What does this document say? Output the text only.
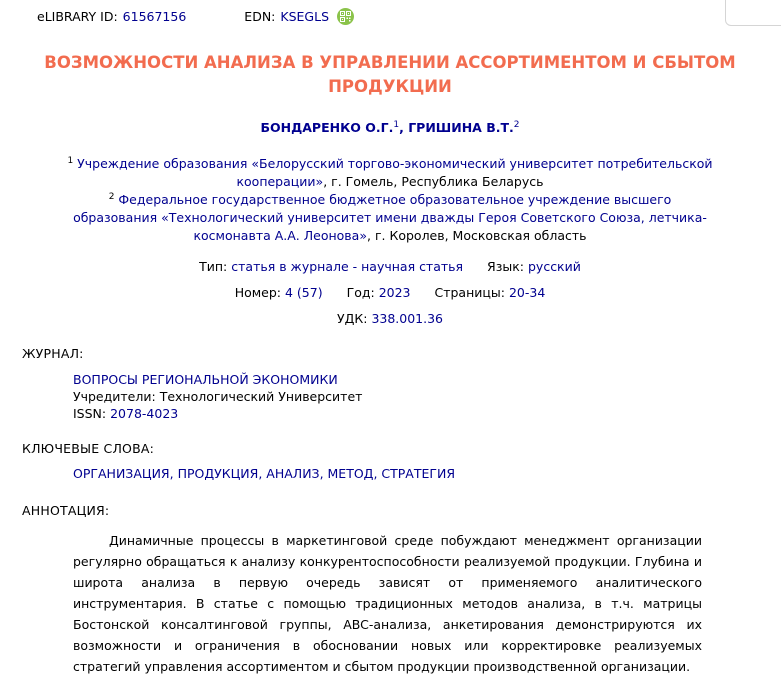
eLIBRARY ID: 61567156	EDN: KSEGLS
ВОЗМОЖНОСТИ АНАЛИЗА В УПРАВЛЕНИИ АССОРТИМЕНТОМ И СБЫТОМ
ПРОДУКЦИИ
БОНДАРЕНКО О.Г.$^1$, ГРИШИНА В.Т.$^2$
$^1$ Учреждение образования «Белорусский торгово-экономический университет потребительской кооперации», г. Гомель, Республика Беларусь
$^2$ Федеральное государственное бюджетное образовательное учреждение высшего образования «Технологический университет имени дважды Героя Советского Союза, летчика-космонавта А.А. Леонова», г. Королев, Московская область
Тип: статья в журнале - научная статья Язык: русский
Номер: 4 (57) Год: 2023 Страницы: 20-34
УДК: 338.001.36
ЖУРНАЛ:
ВОПРОСЫ РЕГИОНАЛЬНОЙ ЭКОНОМИКИ
Учредители: Технологический Университет
ISSN: 2078-4023
КЛЮЧЕВЫЕ СЛОВА:
ОРГАНИЗАЦИЯ, ПРОДУКЦИЯ, АНАЛИЗ, МЕТОД, СТРАТЕГИЯ
АННОТАЦИЯ:
Динамичные процессы в маркетинговой среде побуждают менеджмент организации регулярно обращаться к анализу конкурентоспособности реализуемой продукции. Глубина и широта анализа в первую очередь зависят от применяемого аналитического инструментария. В статье с помощью традиционных методов анализа, в т.ч. матрицы Бостонской консалтинговой группы, ABC-анализа, анкетирования демонстрируются их возможности и ограничения в обосновании новых или корректировке реализуемых стратегий управления ассортиментом и сбытом продукции производственной организации.
